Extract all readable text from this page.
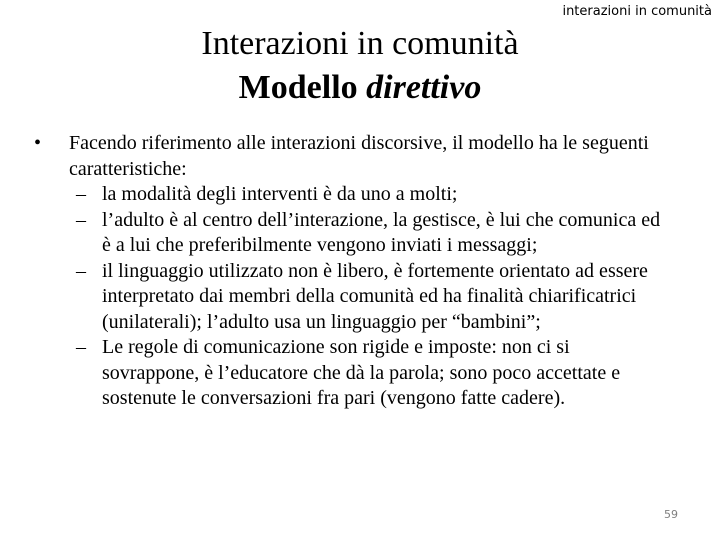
interazioni in comunità
Interazioni in comunità
Modello direttivo
• Facendo riferimento alle interazioni discorsive, il modello ha le seguenti caratteristiche:
– la modalità degli interventi è da uno a molti;
– l’adulto è al centro dell’interazione, la gestisce, è lui che comunica ed è a lui che preferibilmente vengono inviati i messaggi;
– il linguaggio utilizzato non è libero, è fortemente orientato ad essere interpretato dai membri della comunità ed ha finalità chiarificatrici (unilaterali); l’adulto usa un linguaggio per “bambini”;
– Le regole di comunicazione son rigide e imposte: non ci si sovrappone, è l’educatore che dà la parola; sono poco accettate e sostenute le conversazioni fra pari (vengono fatte cadere).
59
